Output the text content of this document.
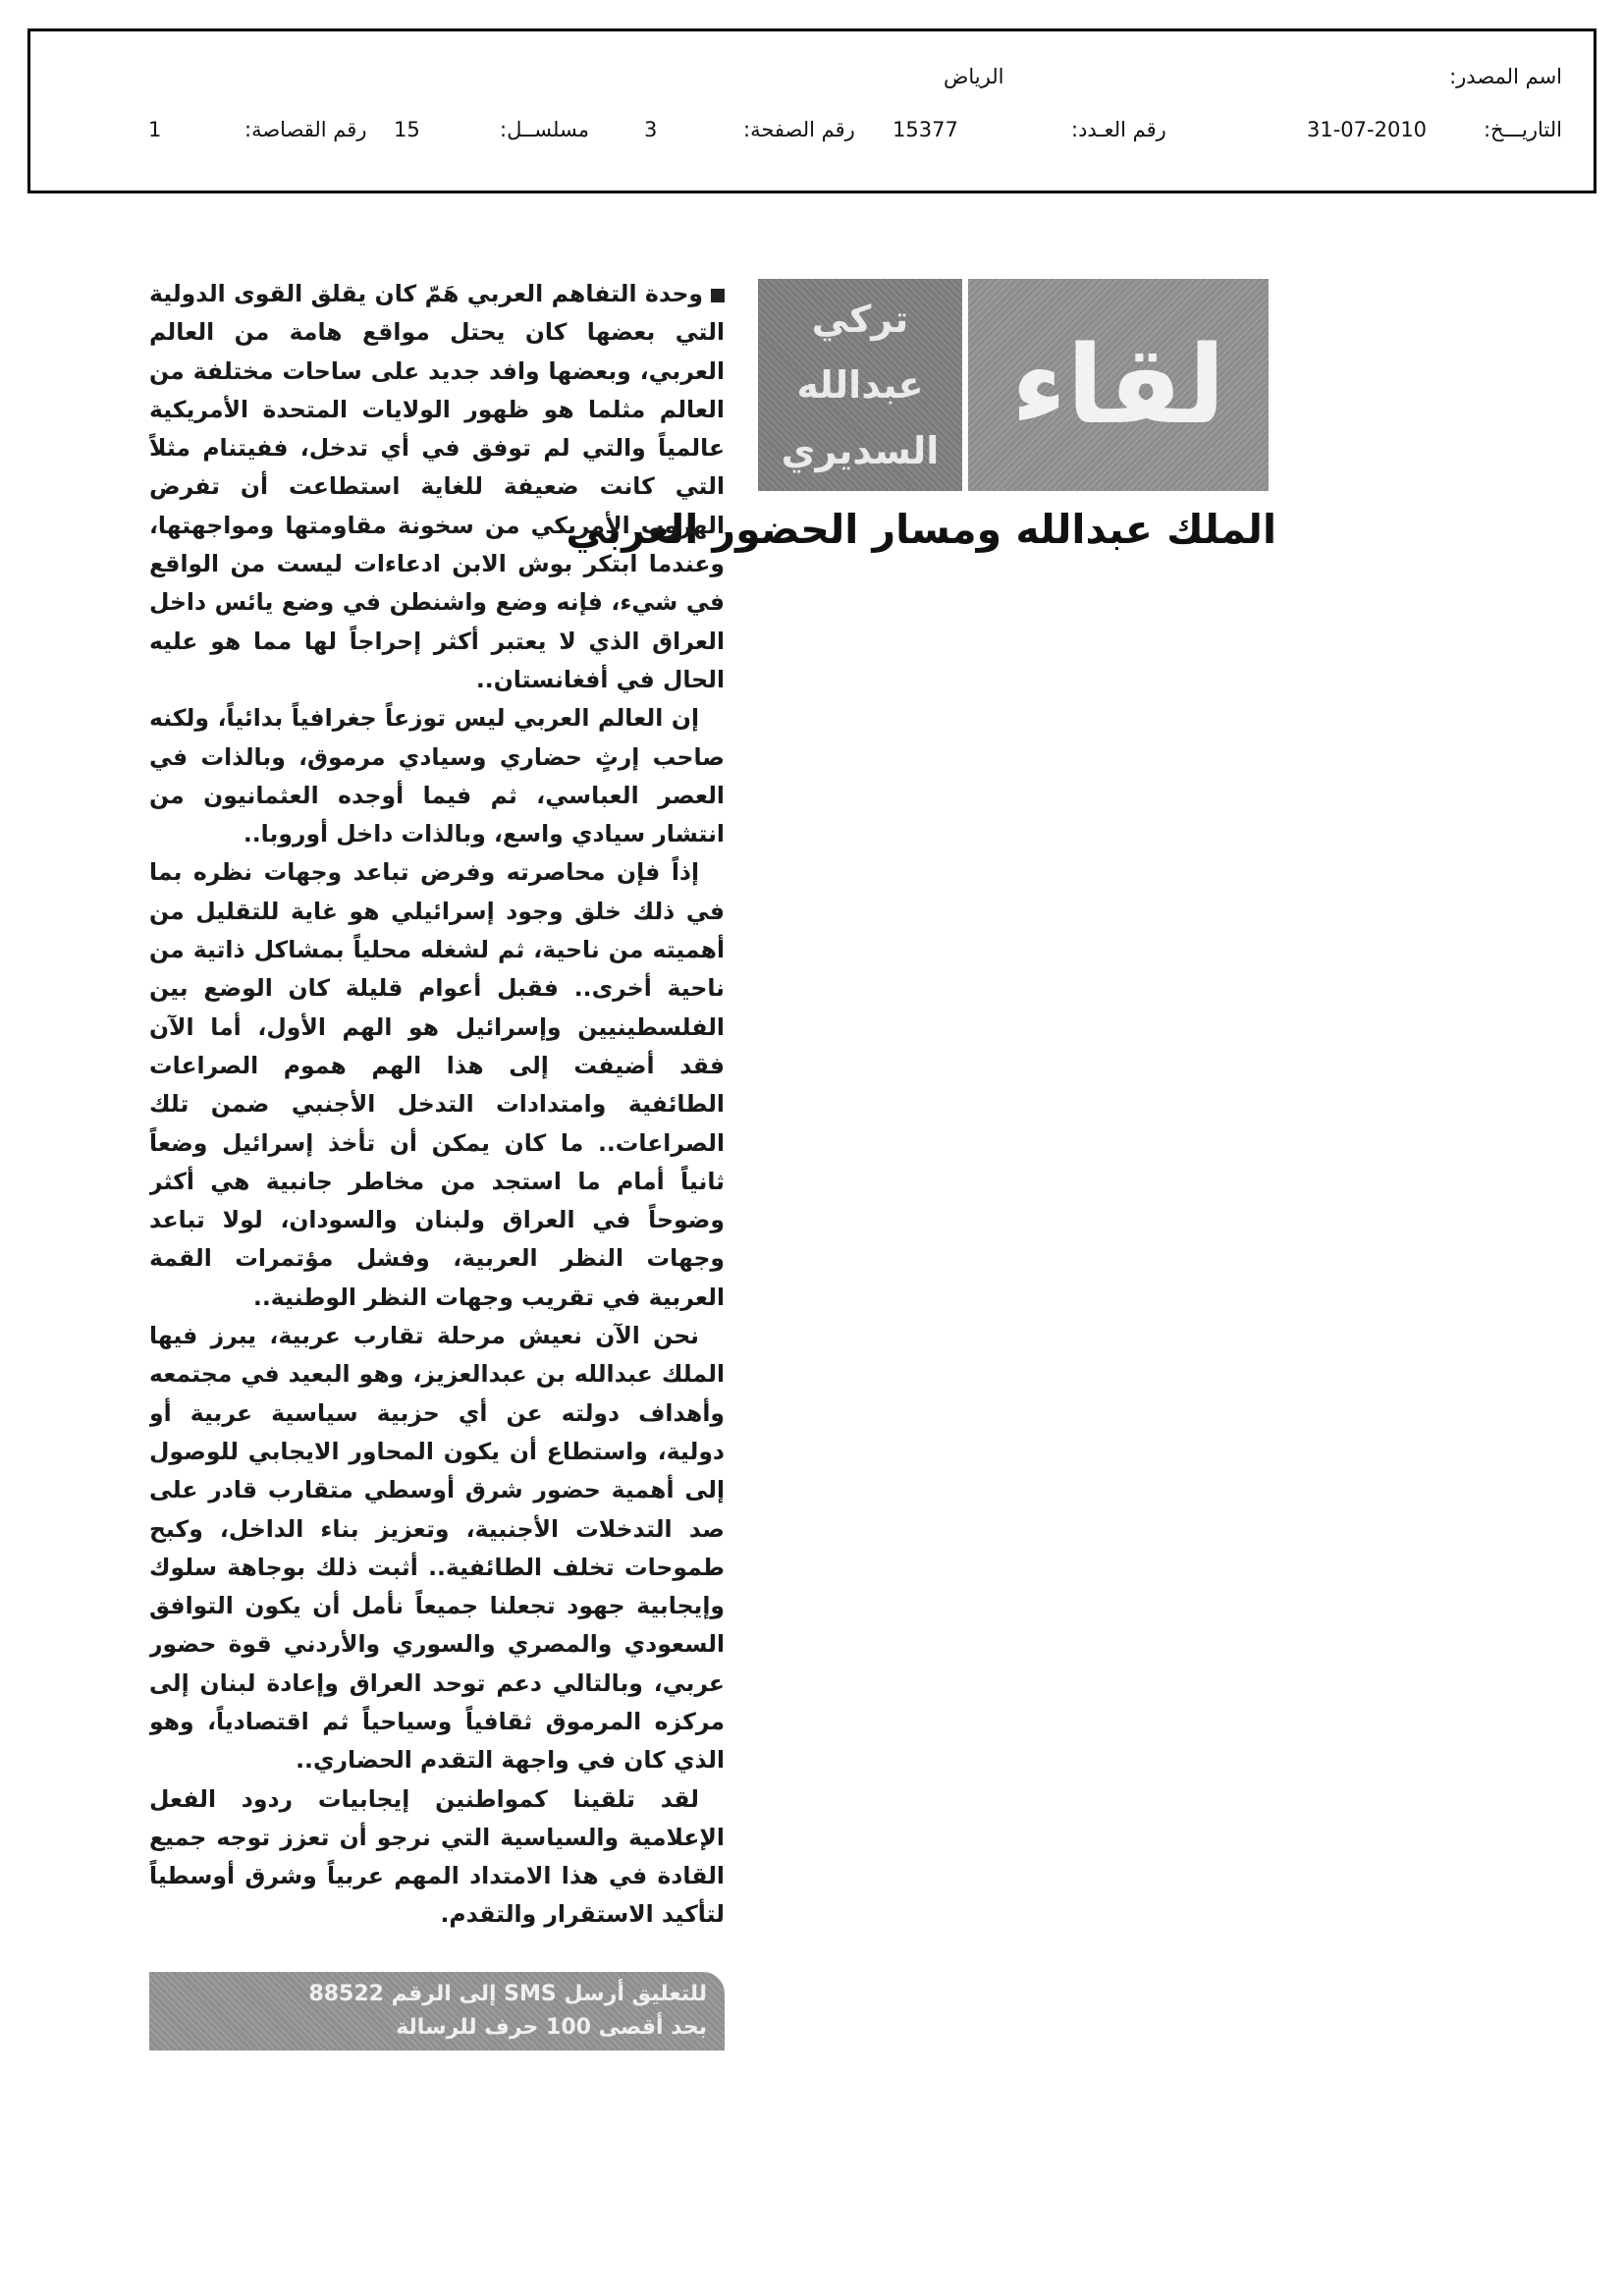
اسم المصدر:
الرياض
التاريـــخ:
31-07-2010
رقم العـدد:
15377
رقم الصفحة:
3
مسلســل:
15
رقم القصاصة:
1
تركي
عبدالله
السديري
لقاء
الملك عبدالله ومسار الحضور العربي

وحدة التفاهم العربي هَمّ كان يقلق القوى الدولية التي بعضها كان يحتل مواقع هامة من العالم العربي، وبعضها وافد جديد على ساحات مختلفة من العالم مثلما هو ظهور الولايات المتحدة الأمريكية عالمياً والتي لم توفق في أي تدخل، ففيتنام مثلاً التي كانت ضعيفة للغاية استطاعت أن تفرض الهروب الأمريكي من سخونة مقاومتها ومواجهتها، وعندما ابتكر بوش الابن ادعاءات ليست من الواقع في شيء، فإنه وضع واشنطن في وضع يائس داخل العراق الذي لا يعتبر أكثر إحراجاً لها مما هو عليه الحال في أفغانستان..

إن العالم العربي ليس توزعاً جغرافياً بدائياً، ولكنه صاحب إرثٍ حضاري وسيادي مرموق، وبالذات في العصر العباسي، ثم فيما أوجده العثمانيون من انتشار سيادي واسع، وبالذات داخل أوروبا..

إذاً فإن محاصرته وفرض تباعد وجهات نظره بما في ذلك خلق وجود إسرائيلي هو غاية للتقليل من أهميته من ناحية، ثم لشغله محلياً بمشاكل ذاتية من ناحية أخرى.. فقبل أعوام قليلة كان الوضع بين الفلسطينيين وإسرائيل هو الهم الأول، أما الآن فقد أضيفت إلى هذا الهم هموم الصراعات الطائفية وامتدادات التدخل الأجنبي ضمن تلك الصراعات.. ما كان يمكن أن تأخذ إسرائيل وضعاً ثانياً أمام ما استجد من مخاطر جانبية هي أكثر وضوحاً في العراق ولبنان والسودان، لولا تباعد وجهات النظر العربية، وفشل مؤتمرات القمة العربية في تقريب وجهات النظر الوطنية..

نحن الآن نعيش مرحلة تقارب عربية، يبرز فيها الملك عبدالله بن عبدالعزيز، وهو البعيد في مجتمعه وأهداف دولته عن أي حزبية سياسية عربية أو دولية، واستطاع أن يكون المحاور الايجابي للوصول إلى أهمية حضور شرق أوسطي متقارب قادر على صد التدخلات الأجنبية، وتعزيز بناء الداخل، وكبح طموحات تخلف الطائفية.. أثبت ذلك بوجاهة سلوك وإيجابية جهود تجعلنا جميعاً نأمل أن يكون التوافق السعودي والمصري والسوري والأردني قوة حضور عربي، وبالتالي دعم توحد العراق وإعادة لبنان إلى مركزه المرموق ثقافياً وسياحياً ثم اقتصادياً، وهو الذي كان في واجهة التقدم الحضاري..

لقد تلقينا كمواطنين إيجابيات ردود الفعل الإعلامية والسياسية التي نرجو أن تعزز توجه جميع القادة في هذا الامتداد المهم عربياً وشرق أوسطياً لتأكيد الاستقرار والتقدم.

للتعليق أرسل SMS إلى الرقم 88522
بحد أقصى 100 حرف للرسالة
